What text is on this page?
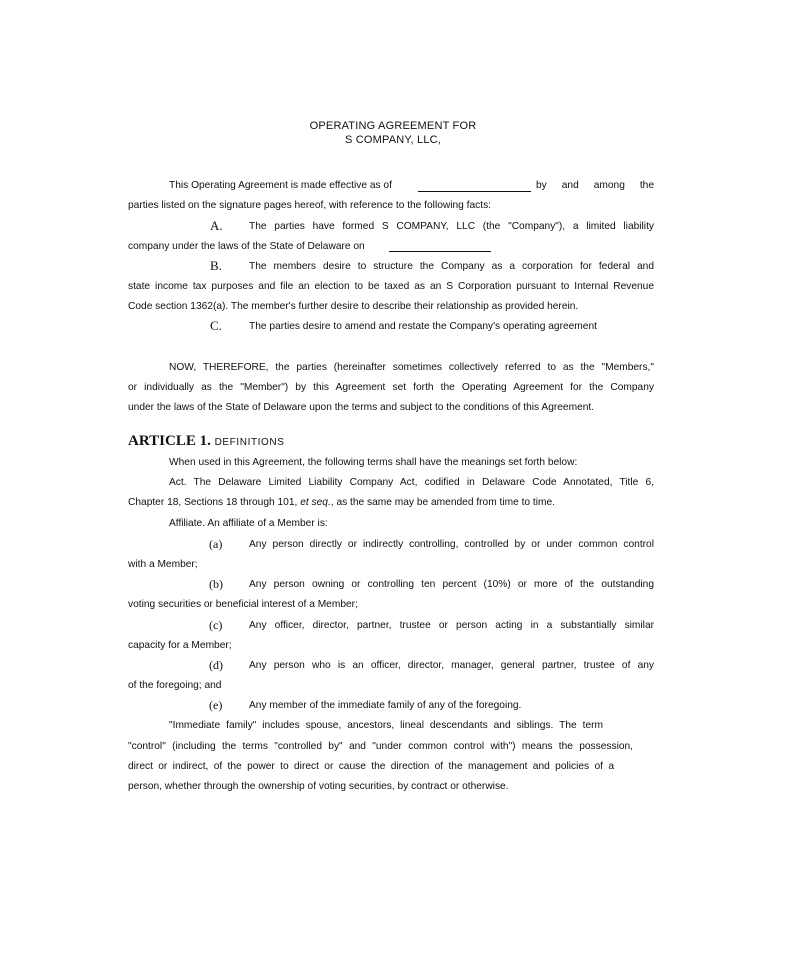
OPERATING AGREEMENT FOR
S COMPANY, LLC,
This Operating Agreement is made effective as of	by and among the
parties listed on the signature pages hereof, with reference to the following facts:
A.	The parties have formed S COMPANY, LLC (the "Company"), a limited liability
company under the laws of the State of Delaware on
B.	The members desire to structure the Company as a corporation for federal and
state income tax purposes and file an election to be taxed as an S Corporation pursuant to Internal Revenue
Code section 1362(a). The member's further desire to describe their relationship as provided herein.
C.	The parties desire to amend and restate the Company's operating agreement
NOW, THEREFORE, the parties (hereinafter sometimes collectively referred to as the "Members,"
or individually as the "Member") by this Agreement set forth the Operating Agreement for the Company
under the laws of the State of Delaware upon the terms and subject to the conditions of this Agreement.
ARTICLE 1. DEFINITIONS
When used in this Agreement, the following terms shall have the meanings set forth below:
Act. The Delaware Limited Liability Company Act, codified in Delaware Code Annotated, Title 6,
Chapter 18, Sections 18 through 101, et seq., as the same may be amended from time to time.
Affiliate. An affiliate of a Member is:
(a)	Any person directly or indirectly controlling, controlled by or under common control
with a Member;
(b)	Any person owning or controlling ten percent (10%) or more of the outstanding
voting securities or beneficial interest of a Member;
(c)	Any officer, director, partner, trustee or person acting in a substantially similar
capacity for a Member;
(d)	Any person who is an officer, director, manager, general partner, trustee of any
of the foregoing; and
(e)	Any member of the immediate family of any of the foregoing.
"Immediate family" includes spouse, ancestors, lineal descendants and siblings. The term
"control" (including the terms "controlled by" and "under common control with") means the possession,
direct or indirect, of the power to direct or cause the direction of the management and policies of a
person, whether through the ownership of voting securities, by contract or otherwise.
